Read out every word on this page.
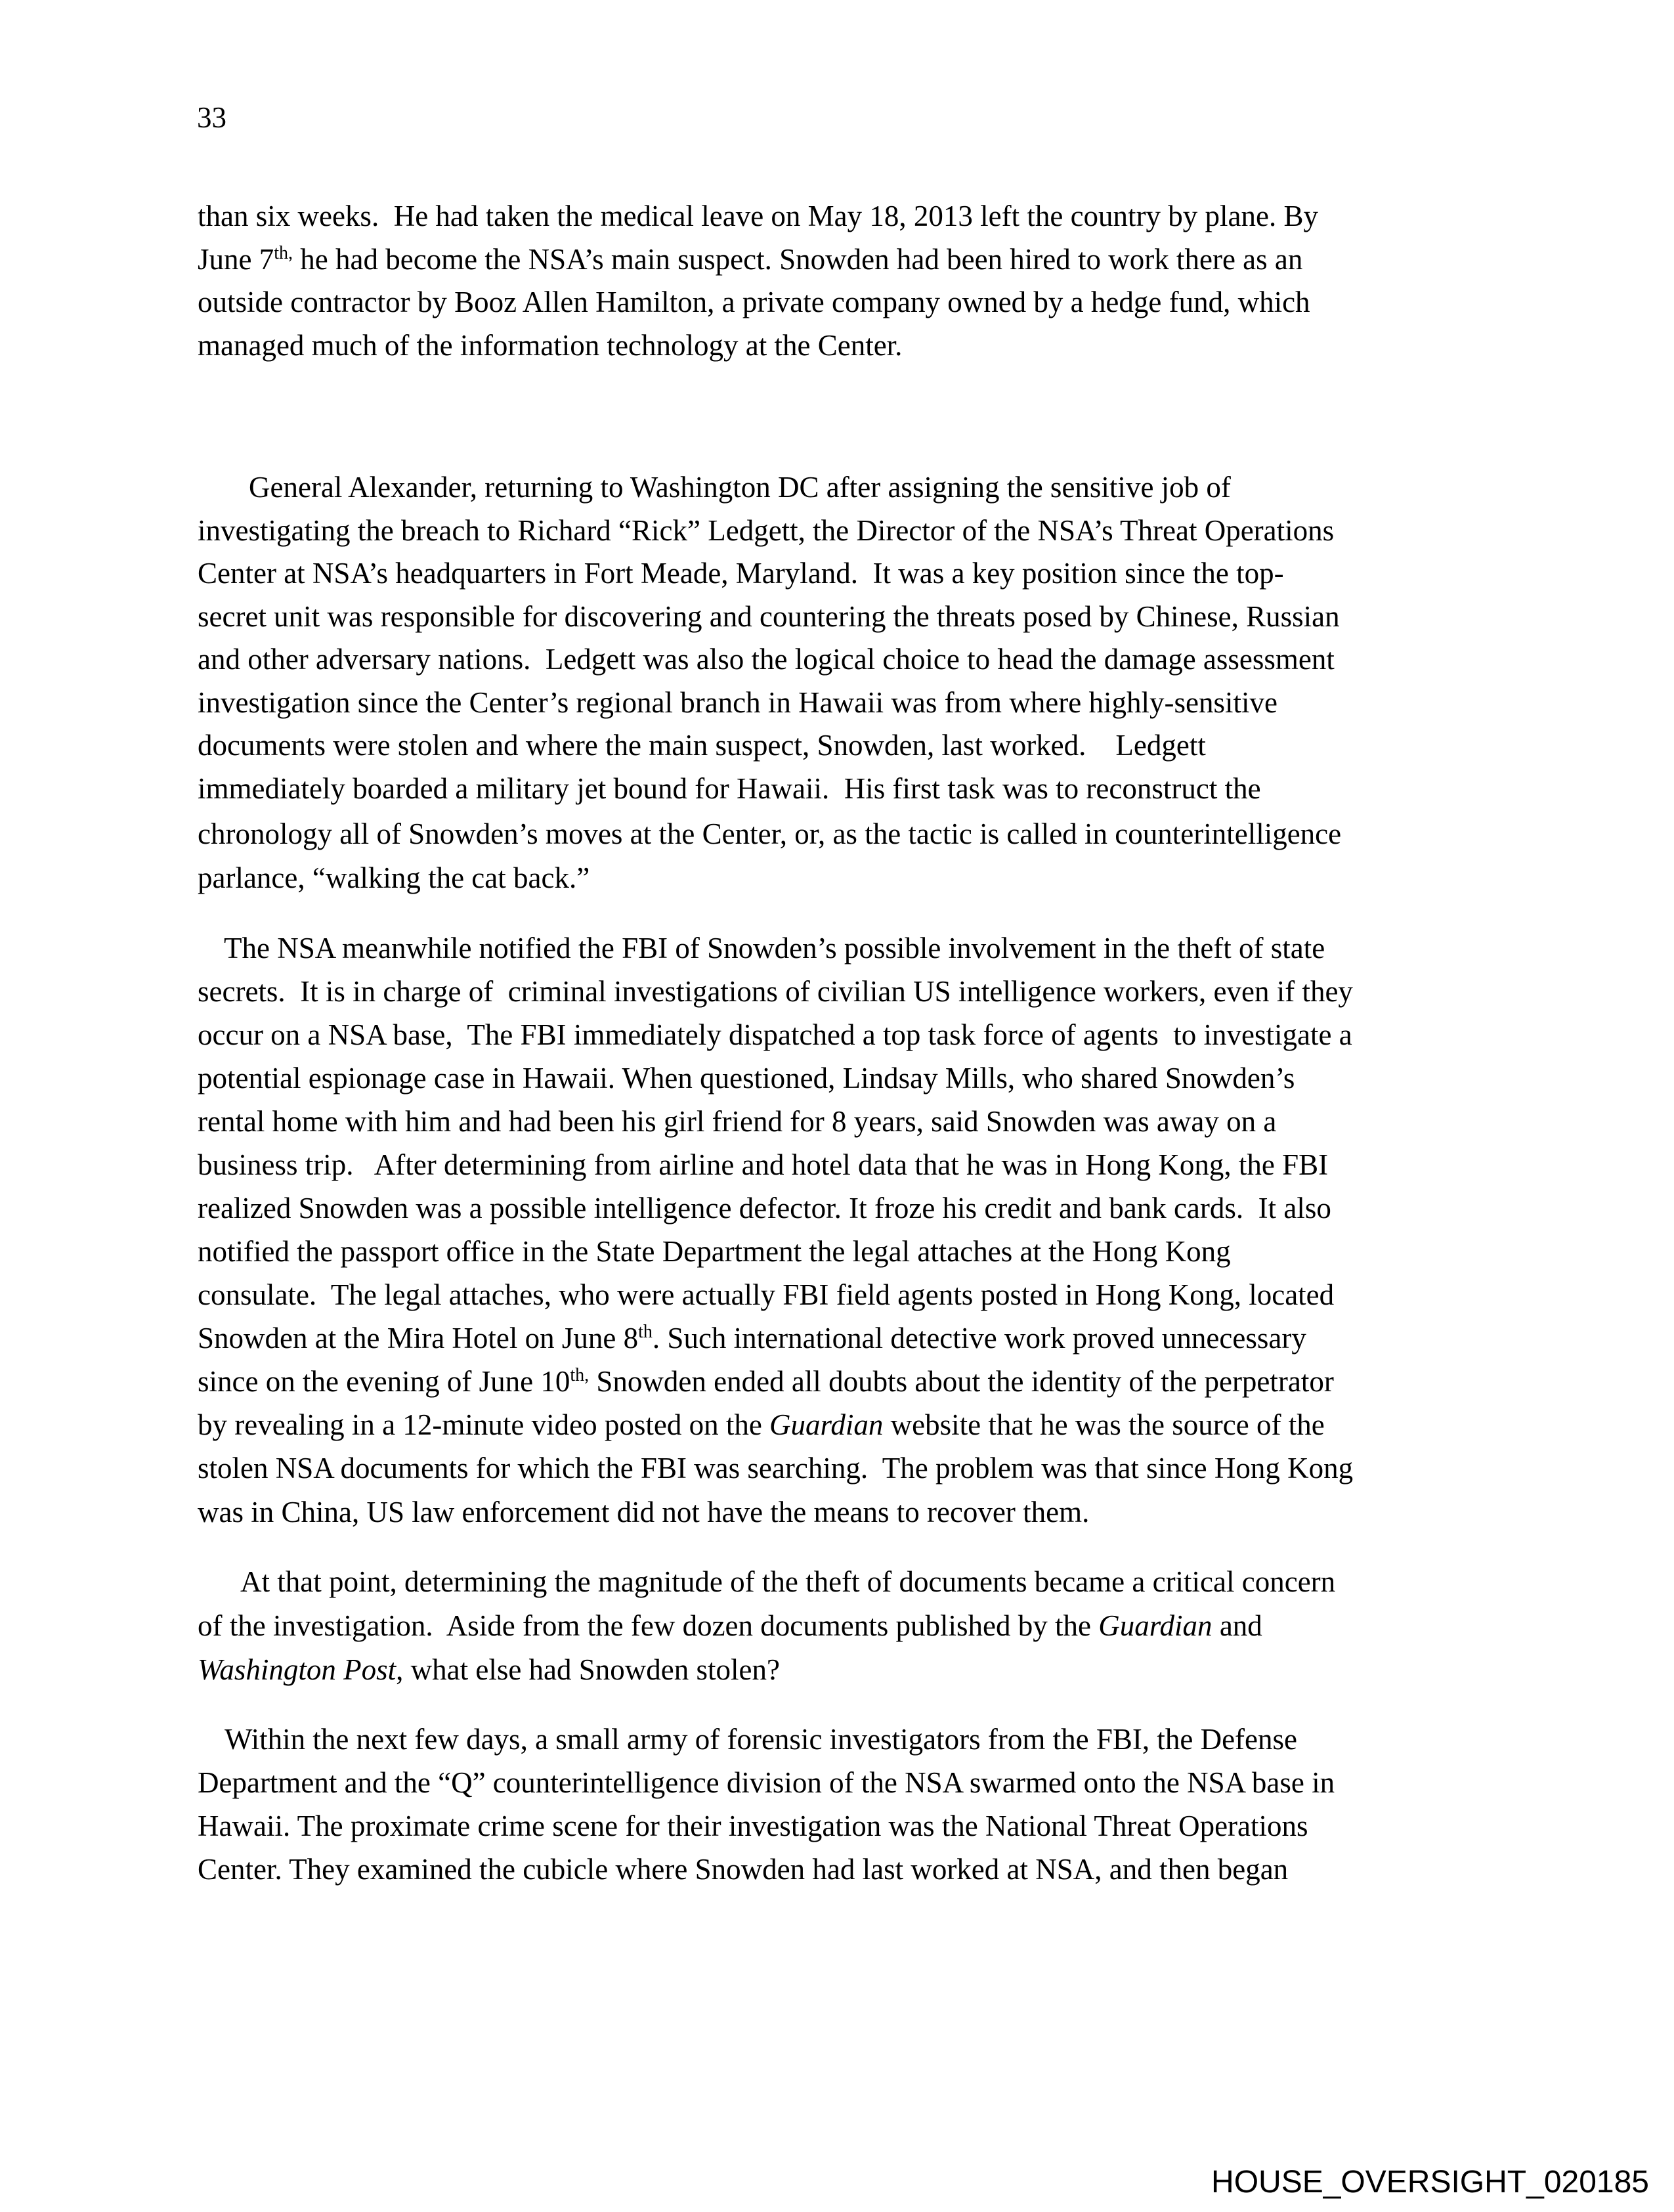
33
than six weeks.  He had taken the medical leave on May 18, 2013 left the country by plane. By
June $7^{th,}$ he had become the NSA’s main suspect. Snowden had been hired to work there as an
outside contractor by Booz Allen Hamilton, a private company owned by a hedge fund, which
managed much of the information technology at the Center.
General Alexander, returning to Washington DC after assigning the sensitive job of
investigating the breach to Richard “Rick” Ledgett, the Director of the NSA’s Threat Operations
Center at NSA’s headquarters in Fort Meade, Maryland.  It was a key position since the top-
secret unit was responsible for discovering and countering the threats posed by Chinese, Russian
and other adversary nations.  Ledgett was also the logical choice to head the damage assessment
investigation since the Center’s regional branch in Hawaii was from where highly-sensitive
documents were stolen and where the main suspect, Snowden, last worked.    Ledgett
immediately boarded a military jet bound for Hawaii.  His first task was to reconstruct the
chronology all of Snowden’s moves at the Center, or, as the tactic is called in counterintelligence
parlance, “walking the cat back.”
The NSA meanwhile notified the FBI of Snowden’s possible involvement in the theft of state
secrets.  It is in charge of  criminal investigations of civilian US intelligence workers, even if they
occur on a NSA base,  The FBI immediately dispatched a top task force of agents  to investigate a
potential espionage case in Hawaii. When questioned, Lindsay Mills, who shared Snowden’s
rental home with him and had been his girl friend for 8 years, said Snowden was away on a
business trip.   After determining from airline and hotel data that he was in Hong Kong, the FBI
realized Snowden was a possible intelligence defector. It froze his credit and bank cards.  It also
notified the passport office in the State Department the legal attaches at the Hong Kong
consulate.  The legal attaches, who were actually FBI field agents posted in Hong Kong, located
Snowden at the Mira Hotel on June 8th. Such international detective work proved unnecessary
since on the evening of June $10^{th,}$ Snowden ended all doubts about the identity of the perpetrator
by revealing in a 12-minute video posted on the Guardian website that he was the source of the
stolen NSA documents for which the FBI was searching.  The problem was that since Hong Kong
was in China, US law enforcement did not have the means to recover them.
At that point, determining the magnitude of the theft of documents became a critical concern
of the investigation.  Aside from the few dozen documents published by the Guardian and
Washington Post, what else had Snowden stolen?
Within the next few days, a small army of forensic investigators from the FBI, the Defense
Department and the “Q” counterintelligence division of the NSA swarmed onto the NSA base in
Hawaii. The proximate crime scene for their investigation was the National Threat Operations
Center. They examined the cubicle where Snowden had last worked at NSA, and then began
HOUSE_OVERSIGHT_020185
